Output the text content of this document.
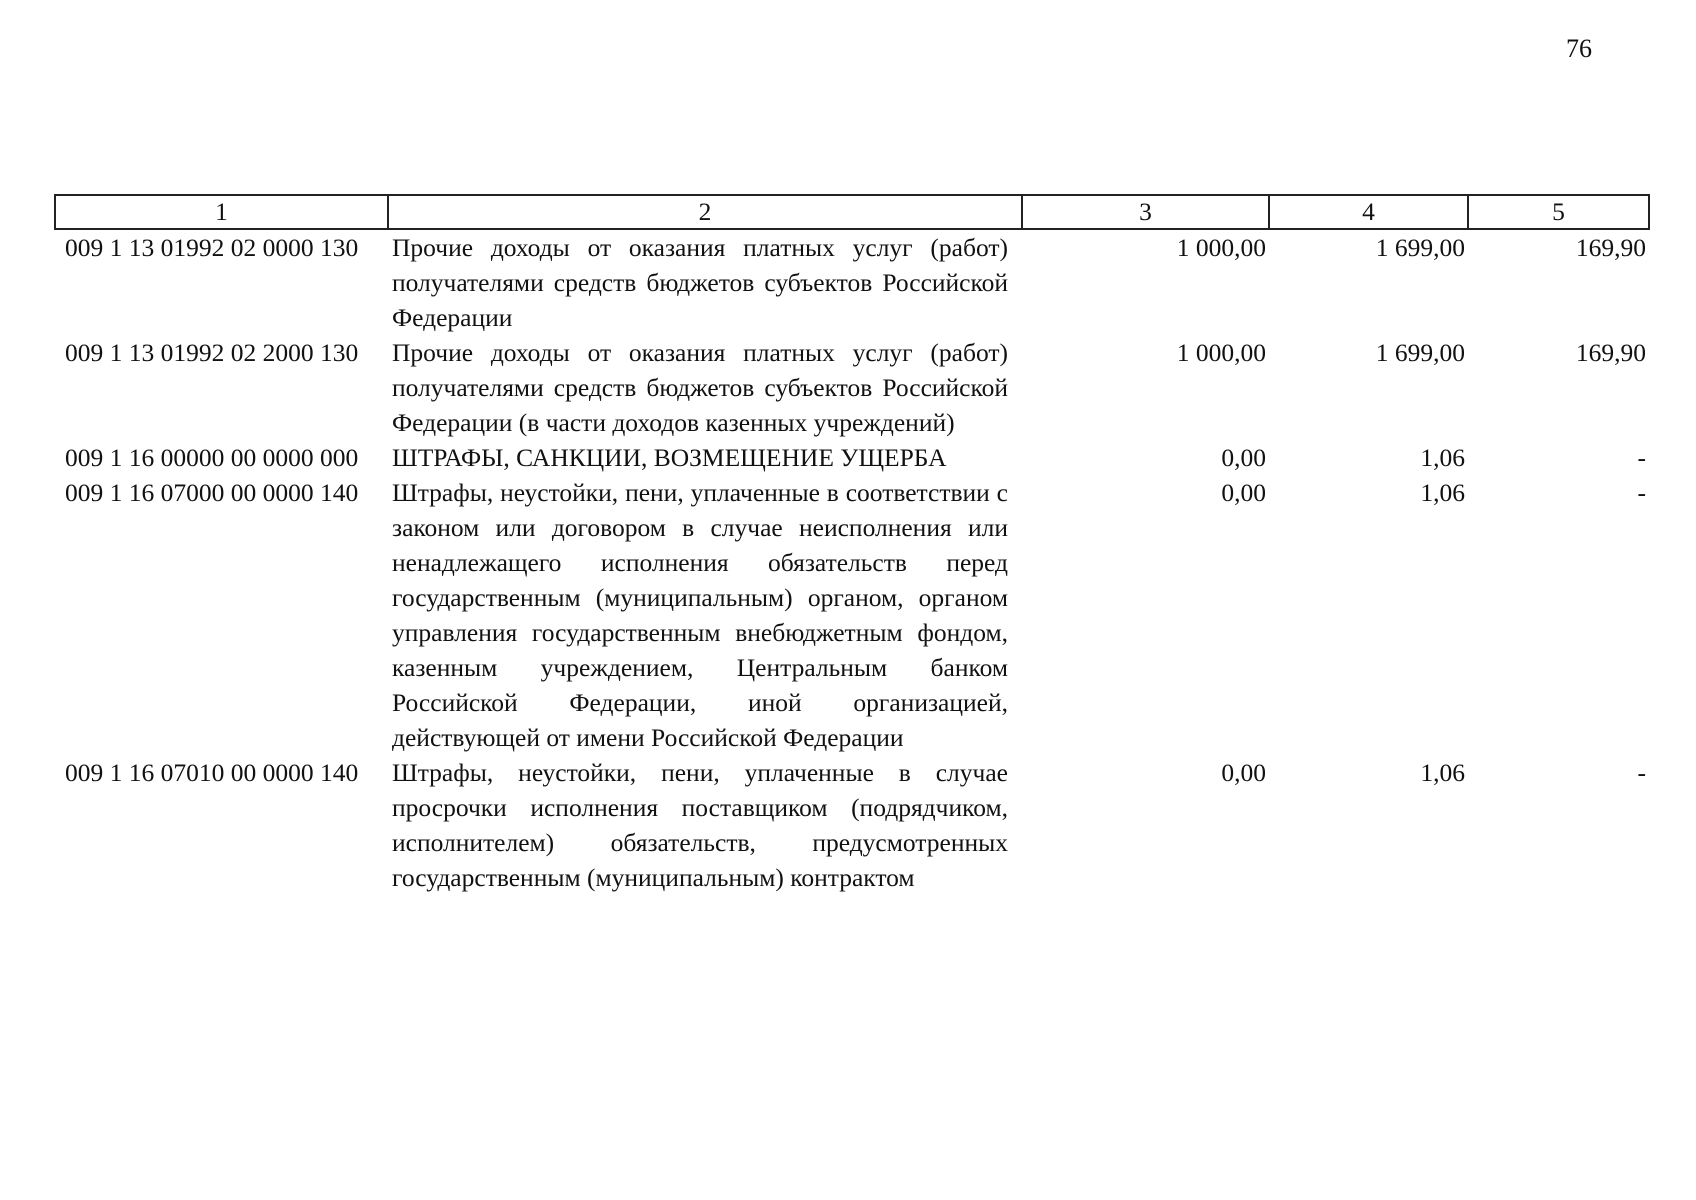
76
1	2	3	4	5
009 1 13 01992 02 0000 130	Прочие доходы от оказания платных услуг (работ) получателями средств бюджетов субъектов Российской Федерации	1 000,00	1 699,00	169,90
009 1 13 01992 02 2000 130	Прочие доходы от оказания платных услуг (работ) получателями средств бюджетов субъектов Российской Федерации (в части доходов казенных учреждений)	1 000,00	1 699,00	169,90
009 1 16 00000 00 0000 000	ШТРАФЫ, САНКЦИИ, ВОЗМЕЩЕНИЕ УЩЕРБА	0,00	1,06	-
009 1 16 07000 00 0000 140	Штрафы, неустойки, пени, уплаченные в соответствии с законом или договором в случае неисполнения или ненадлежащего исполнения обязательств перед государственным (муниципальным) органом, органом управления государственным внебюджетным фондом, казенным учреждением, Центральным банком Российской Федерации, иной организацией, действующей от имени Российской Федерации	0,00	1,06	-
009 1 16 07010 00 0000 140	Штрафы, неустойки, пени, уплаченные в случае просрочки исполнения поставщиком (подрядчиком, исполнителем) обязательств, предусмотренных государственным (муниципальным) контрактом	0,00	1,06	-
